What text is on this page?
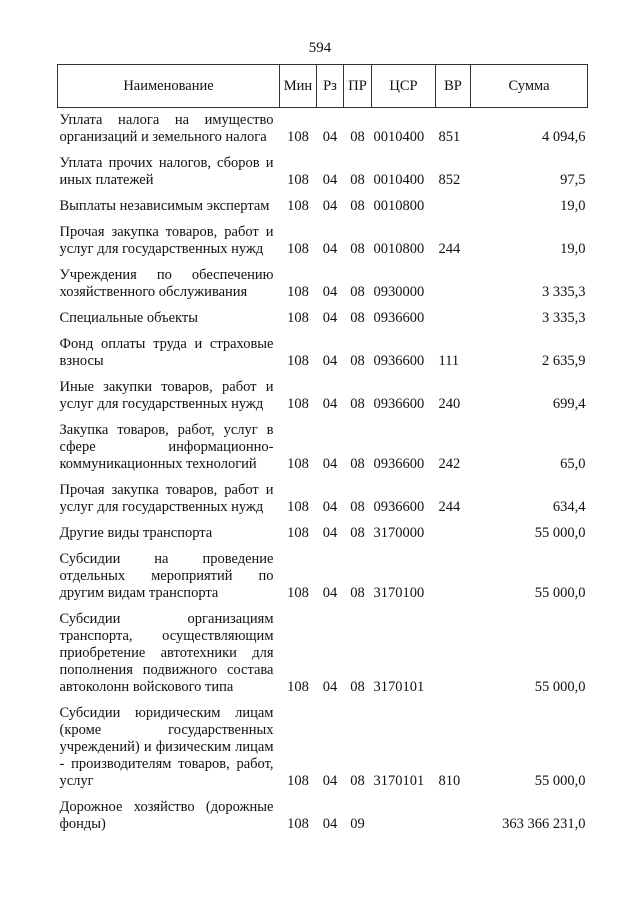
594
Наименование	Мин	Рз	ПР	ЦСР	ВР	Сумма
Уплата налога на имущество организаций и земельного налога	108	04	08	0010400	851	4 094,6
Уплата прочих налогов, сборов и иных платежей	108	04	08	0010400	852	97,5
Выплаты независимым экспертам	108	04	08	0010800		19,0
Прочая закупка товаров, работ и услуг для государственных нужд	108	04	08	0010800	244	19,0
Учреждения по обеспечению хозяйственного обслуживания	108	04	08	0930000		3 335,3
Специальные объекты	108	04	08	0936600		3 335,3
Фонд оплаты труда и страховые взносы	108	04	08	0936600	111	2 635,9
Иные закупки товаров, работ и услуг для государственных нужд	108	04	08	0936600	240	699,4
Закупка товаров, работ, услуг в сфере информационно-коммуникационных технологий	108	04	08	0936600	242	65,0
Прочая закупка товаров, работ и услуг для государственных нужд	108	04	08	0936600	244	634,4
Другие виды транспорта	108	04	08	3170000		55 000,0
Субсидии на проведение отдельных мероприятий по другим видам транспорта	108	04	08	3170100		55 000,0
Субсидии организациям транспорта, осуществляющим приобретение автотехники для пополнения подвижного состава автоколонн войскового типа	108	04	08	3170101		55 000,0
Субсидии юридическим лицам (кроме государственных учреждений) и физическим лицам - производителям товаров, работ, услуг	108	04	08	3170101	810	55 000,0
Дорожное хозяйство (дорожные фонды)	108	04	09			363 366 231,0
